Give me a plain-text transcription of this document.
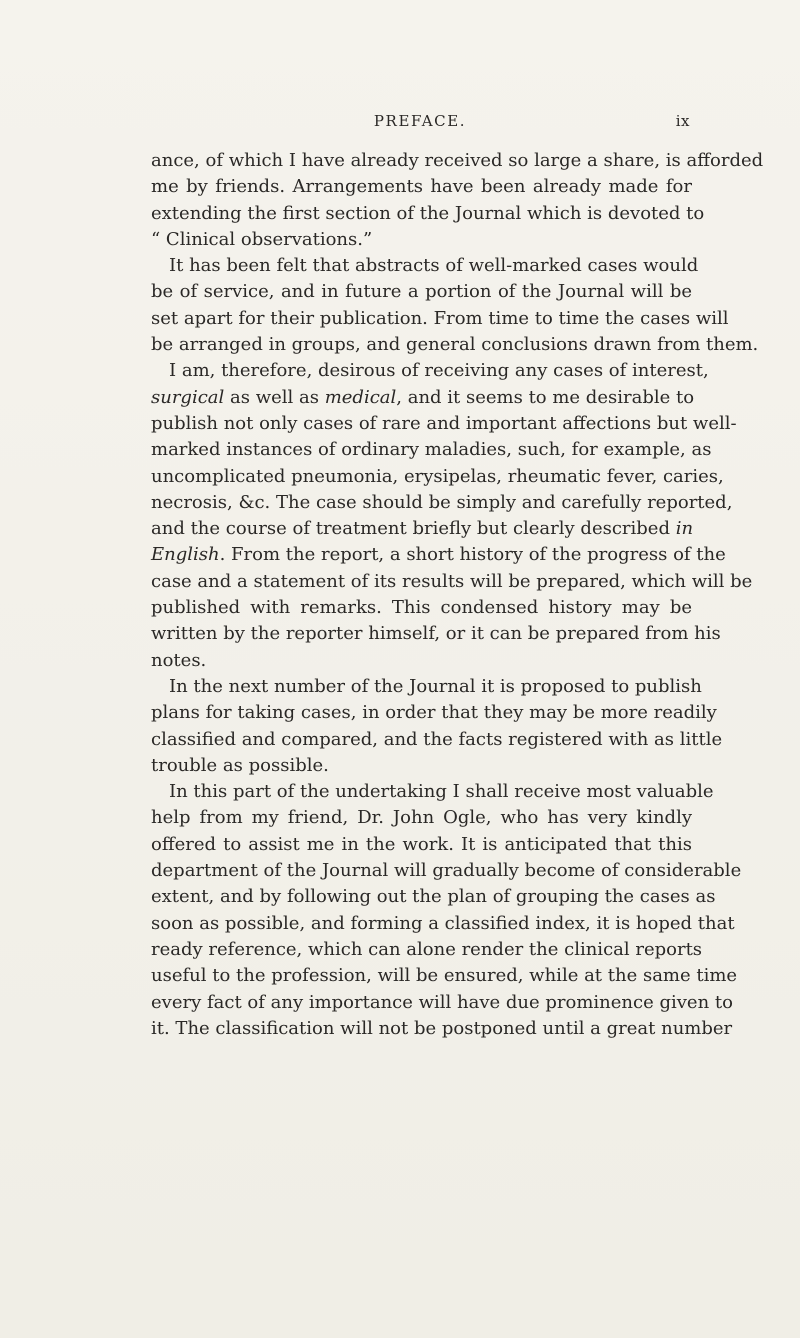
PREFACE.	ix
ance, of which I have already received so large a share, is afforded
me by friends. Arrangements have been already made for
extending the first section of the Journal which is devoted to
“ Clinical observations.”
It has been felt that abstracts of well-marked cases would
be of service, and in future a portion of the Journal will be
set apart for their publication. From time to time the cases will
be arranged in groups, and general conclusions drawn from them.
I am, therefore, desirous of receiving any cases of interest,
surgical as well as medical, and it seems to me desirable to
publish not only cases of rare and important affections but well-
marked instances of ordinary maladies, such, for example, as
uncomplicated pneumonia, erysipelas, rheumatic fever, caries,
necrosis, &c. The case should be simply and carefully reported,
and the course of treatment briefly but clearly described in
English. From the report, a short history of the progress of the
case and a statement of its results will be prepared, which will be
published with remarks. This condensed history may be
written by the reporter himself, or it can be prepared from his
notes.
In the next number of the Journal it is proposed to publish
plans for taking cases, in order that they may be more readily
classified and compared, and the facts registered with as little
trouble as possible.
In this part of the undertaking I shall receive most valuable
help from my friend, Dr. John Ogle, who has very kindly
offered to assist me in the work. It is anticipated that this
department of the Journal will gradually become of considerable
extent, and by following out the plan of grouping the cases as
soon as possible, and forming a classified index, it is hoped that
ready reference, which can alone render the clinical reports
useful to the profession, will be ensured, while at the same time
every fact of any importance will have due prominence given to
it. The classification will not be postponed until a great number
